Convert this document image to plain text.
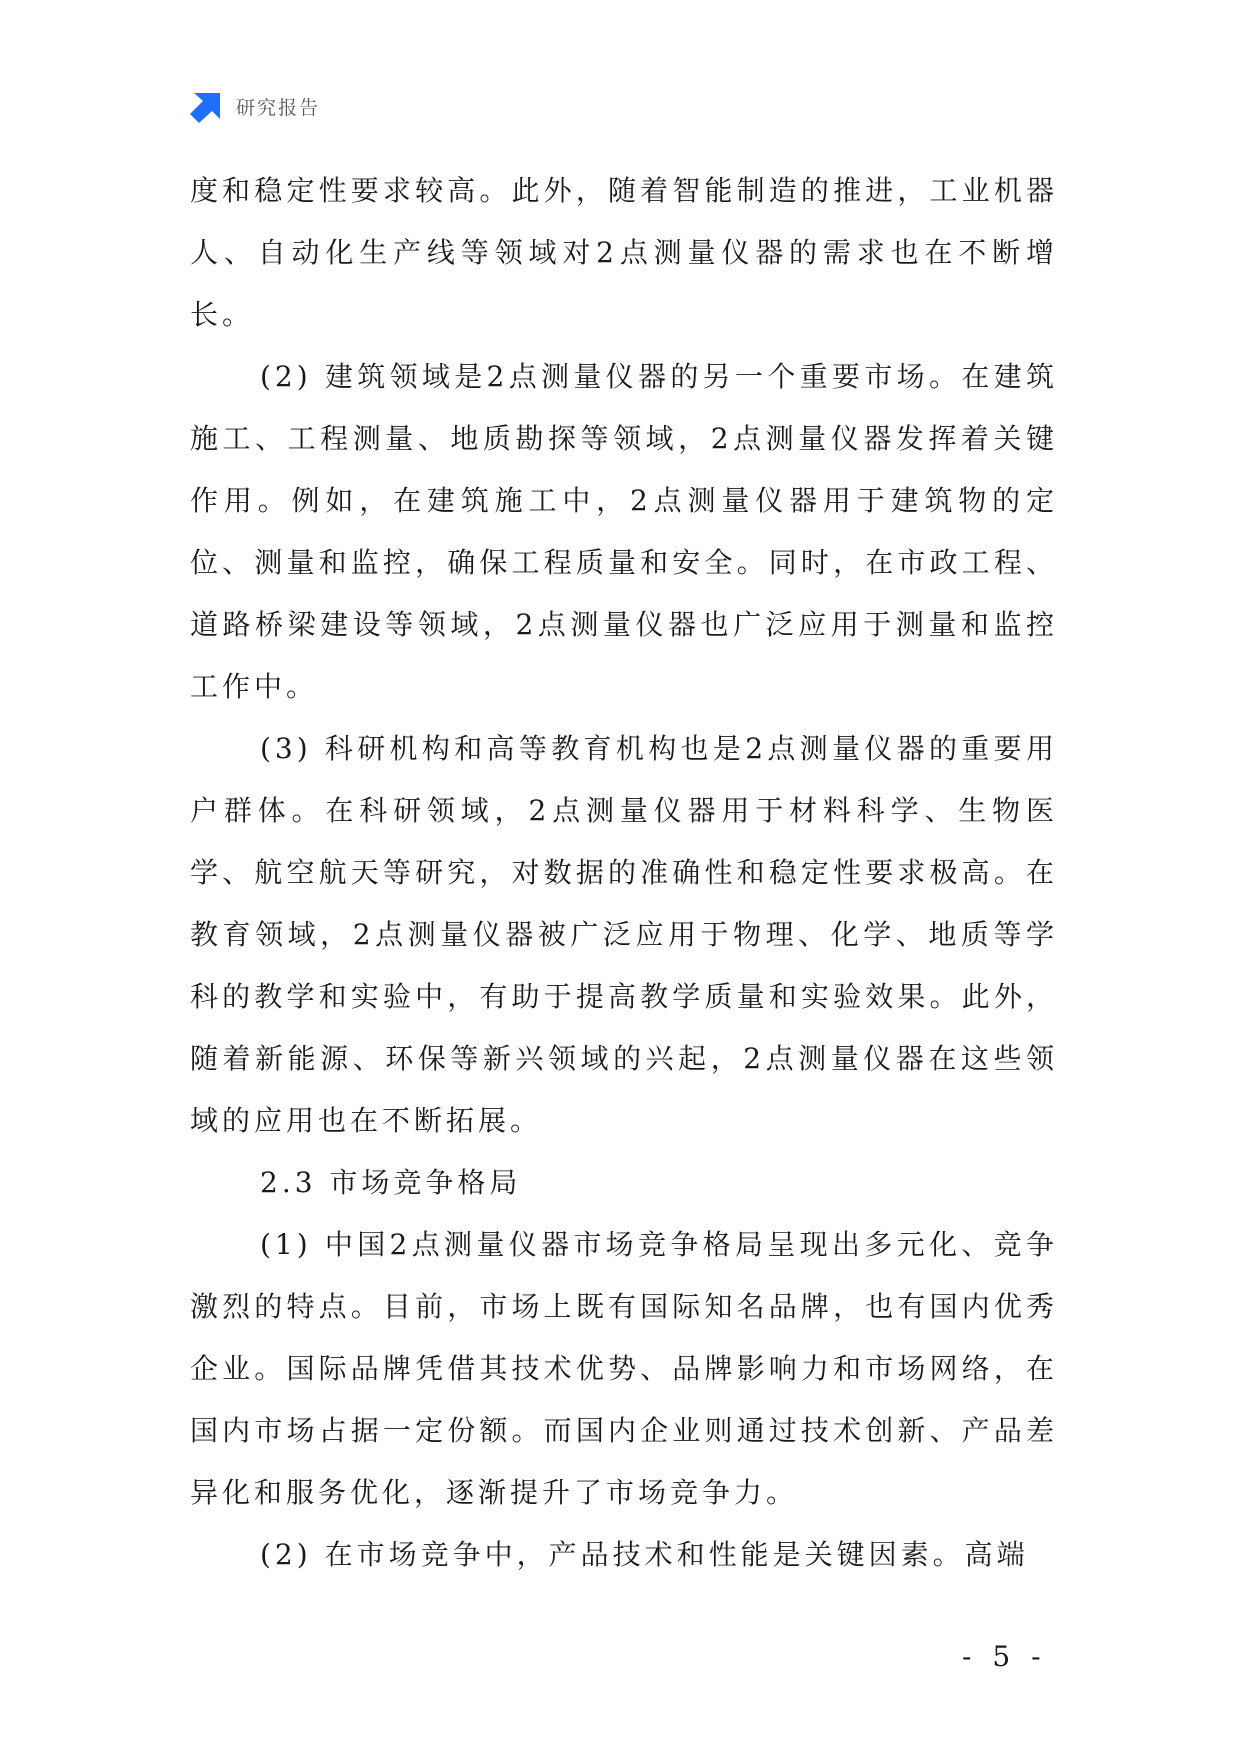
研究报告

度和稳定性要求较高。此外，随着智能制造的推进，工业机器人、自动化生产线等领域对2点测量仪器的需求也在不断增长。

(2) 建筑领域是2点测量仪器的另一个重要市场。在建筑施工、工程测量、地质勘探等领域，2点测量仪器发挥着关键作用。例如，在建筑施工中，2点测量仪器用于建筑物的定位、测量和监控，确保工程质量和安全。同时，在市政工程、道路桥梁建设等领域，2点测量仪器也广泛应用于测量和监控工作中。

(3) 科研机构和高等教育机构也是2点测量仪器的重要用户群体。在科研领域，2点测量仪器用于材料科学、生物医学、航空航天等研究，对数据的准确性和稳定性要求极高。在教育领域，2点测量仪器被广泛应用于物理、化学、地质等学科的教学和实验中，有助于提高教学质量和实验效果。此外，随着新能源、环保等新兴领域的兴起，2点测量仪器在这些领域的应用也在不断拓展。

2.3 市场竞争格局

(1) 中国2点测量仪器市场竞争格局呈现出多元化、竞争激烈的特点。目前，市场上既有国际知名品牌，也有国内优秀企业。国际品牌凭借其技术优势、品牌影响力和市场网络，在国内市场占据一定份额。而国内企业则通过技术创新、产品差异化和服务优化，逐渐提升了市场竞争力。

(2) 在市场竞争中，产品技术和性能是关键因素。高端

- 5 -
